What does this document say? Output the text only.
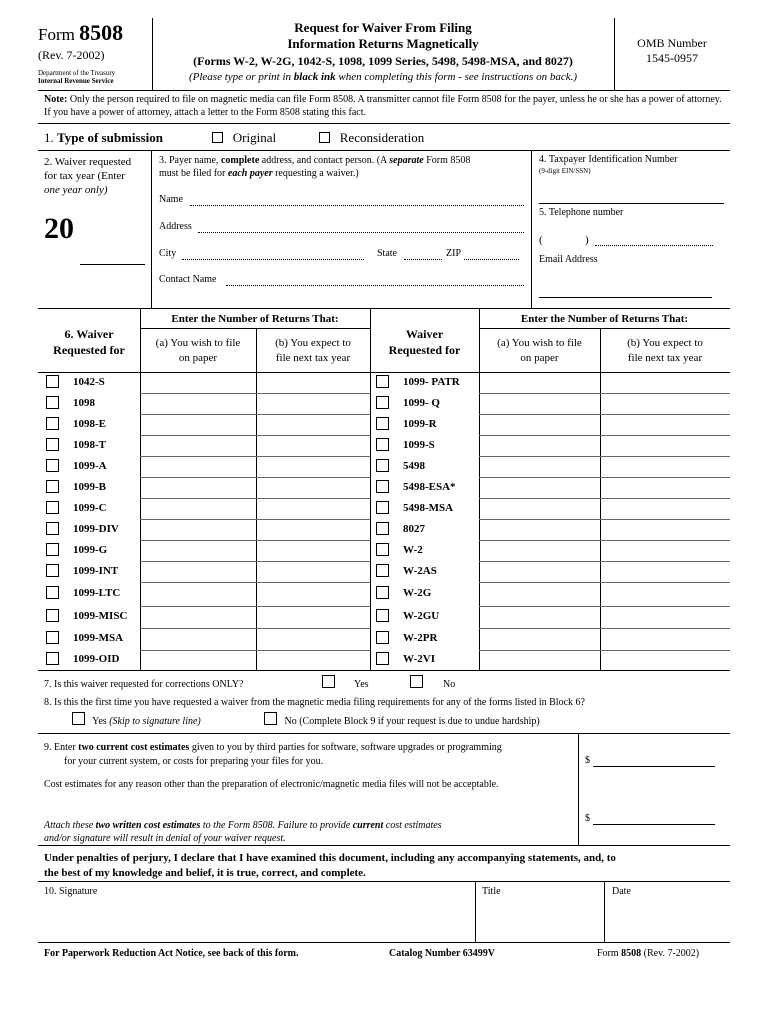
Form 8508
(Rev. 7-2002)
Department of the Treasury
Internal Revenue Service
Request for Waiver From Filing
Information Returns Magnetically
(Forms W-2, W-2G, 1042-S, 1098, 1099 Series, 5498, 5498-MSA, and 8027)
(Please type or print in black ink when completing this form - see instructions on back.)
OMB Number
1545-0957
Note: Only the person required to file on magnetic media can file Form 8508. A transmitter cannot file Form 8508 for the payer, unless he or she has a power of attorney. If you have a power of attorney, attach a letter to the Form 8508 stating this fact.
1. Type of submission	Original	Reconsideration
2. Waiver requested
for tax year (Enter
one year only)
20
3. Payer name, complete address, and contact person. (A separate Form 8508
must be filed for each payer requesting a waiver.)
Name
Address
City	State	ZIP
Contact Name
4. Taxpayer Identification Number
(9-digit EIN/SSN)
5. Telephone number
(	)
Email Address
6. Waiver
Requested for
Enter the Number of Returns That:
(a) You wish to file
on paper
(b) You expect to
file next tax year
Waiver
Requested for
Enter the Number of Returns That:
(a) You wish to file
on paper
(b) You expect to
file next tax year
1042-S	1099- PATR
1098	1099- Q
1098-E	1099-R
1098-T	1099-S
1099-A	5498
1099-B	5498-ESA*
1099-C	5498-MSA
1099-DIV	8027
1099-G	W-2
1099-INT	W-2AS
1099-LTC	W-2G
1099-MISC	W-2GU
1099-MSA	W-2PR
1099-OID	W-2VI
7. Is this waiver requested for corrections ONLY?	Yes	No
8. Is this the first time you have requested a waiver from the magnetic media filing requirements for any of the forms listed in Block 6?
Yes (Skip to signature line)	No (Complete Block 9 if your request is due to undue hardship)
9. Enter two current cost estimates given to you by third parties for software, software upgrades or programming
for your current system, or costs for preparing your files for you.	$
Cost estimates for any reason other than the preparation of electronic/magnetic media files will not be acceptable.
Attach these two written cost estimates to the Form 8508. Failure to provide current cost estimates
and/or signature will result in denial of your waiver request.
$
Under penalties of perjury, I declare that I have examined this document, including any accompanying statements, and, to
the best of my knowledge and belief, it is true, correct, and complete.
10. Signature	Title	Date
For Paperwork Reduction Act Notice, see back of this form.	Catalog Number 63499V	Form 8508 (Rev. 7-2002)
